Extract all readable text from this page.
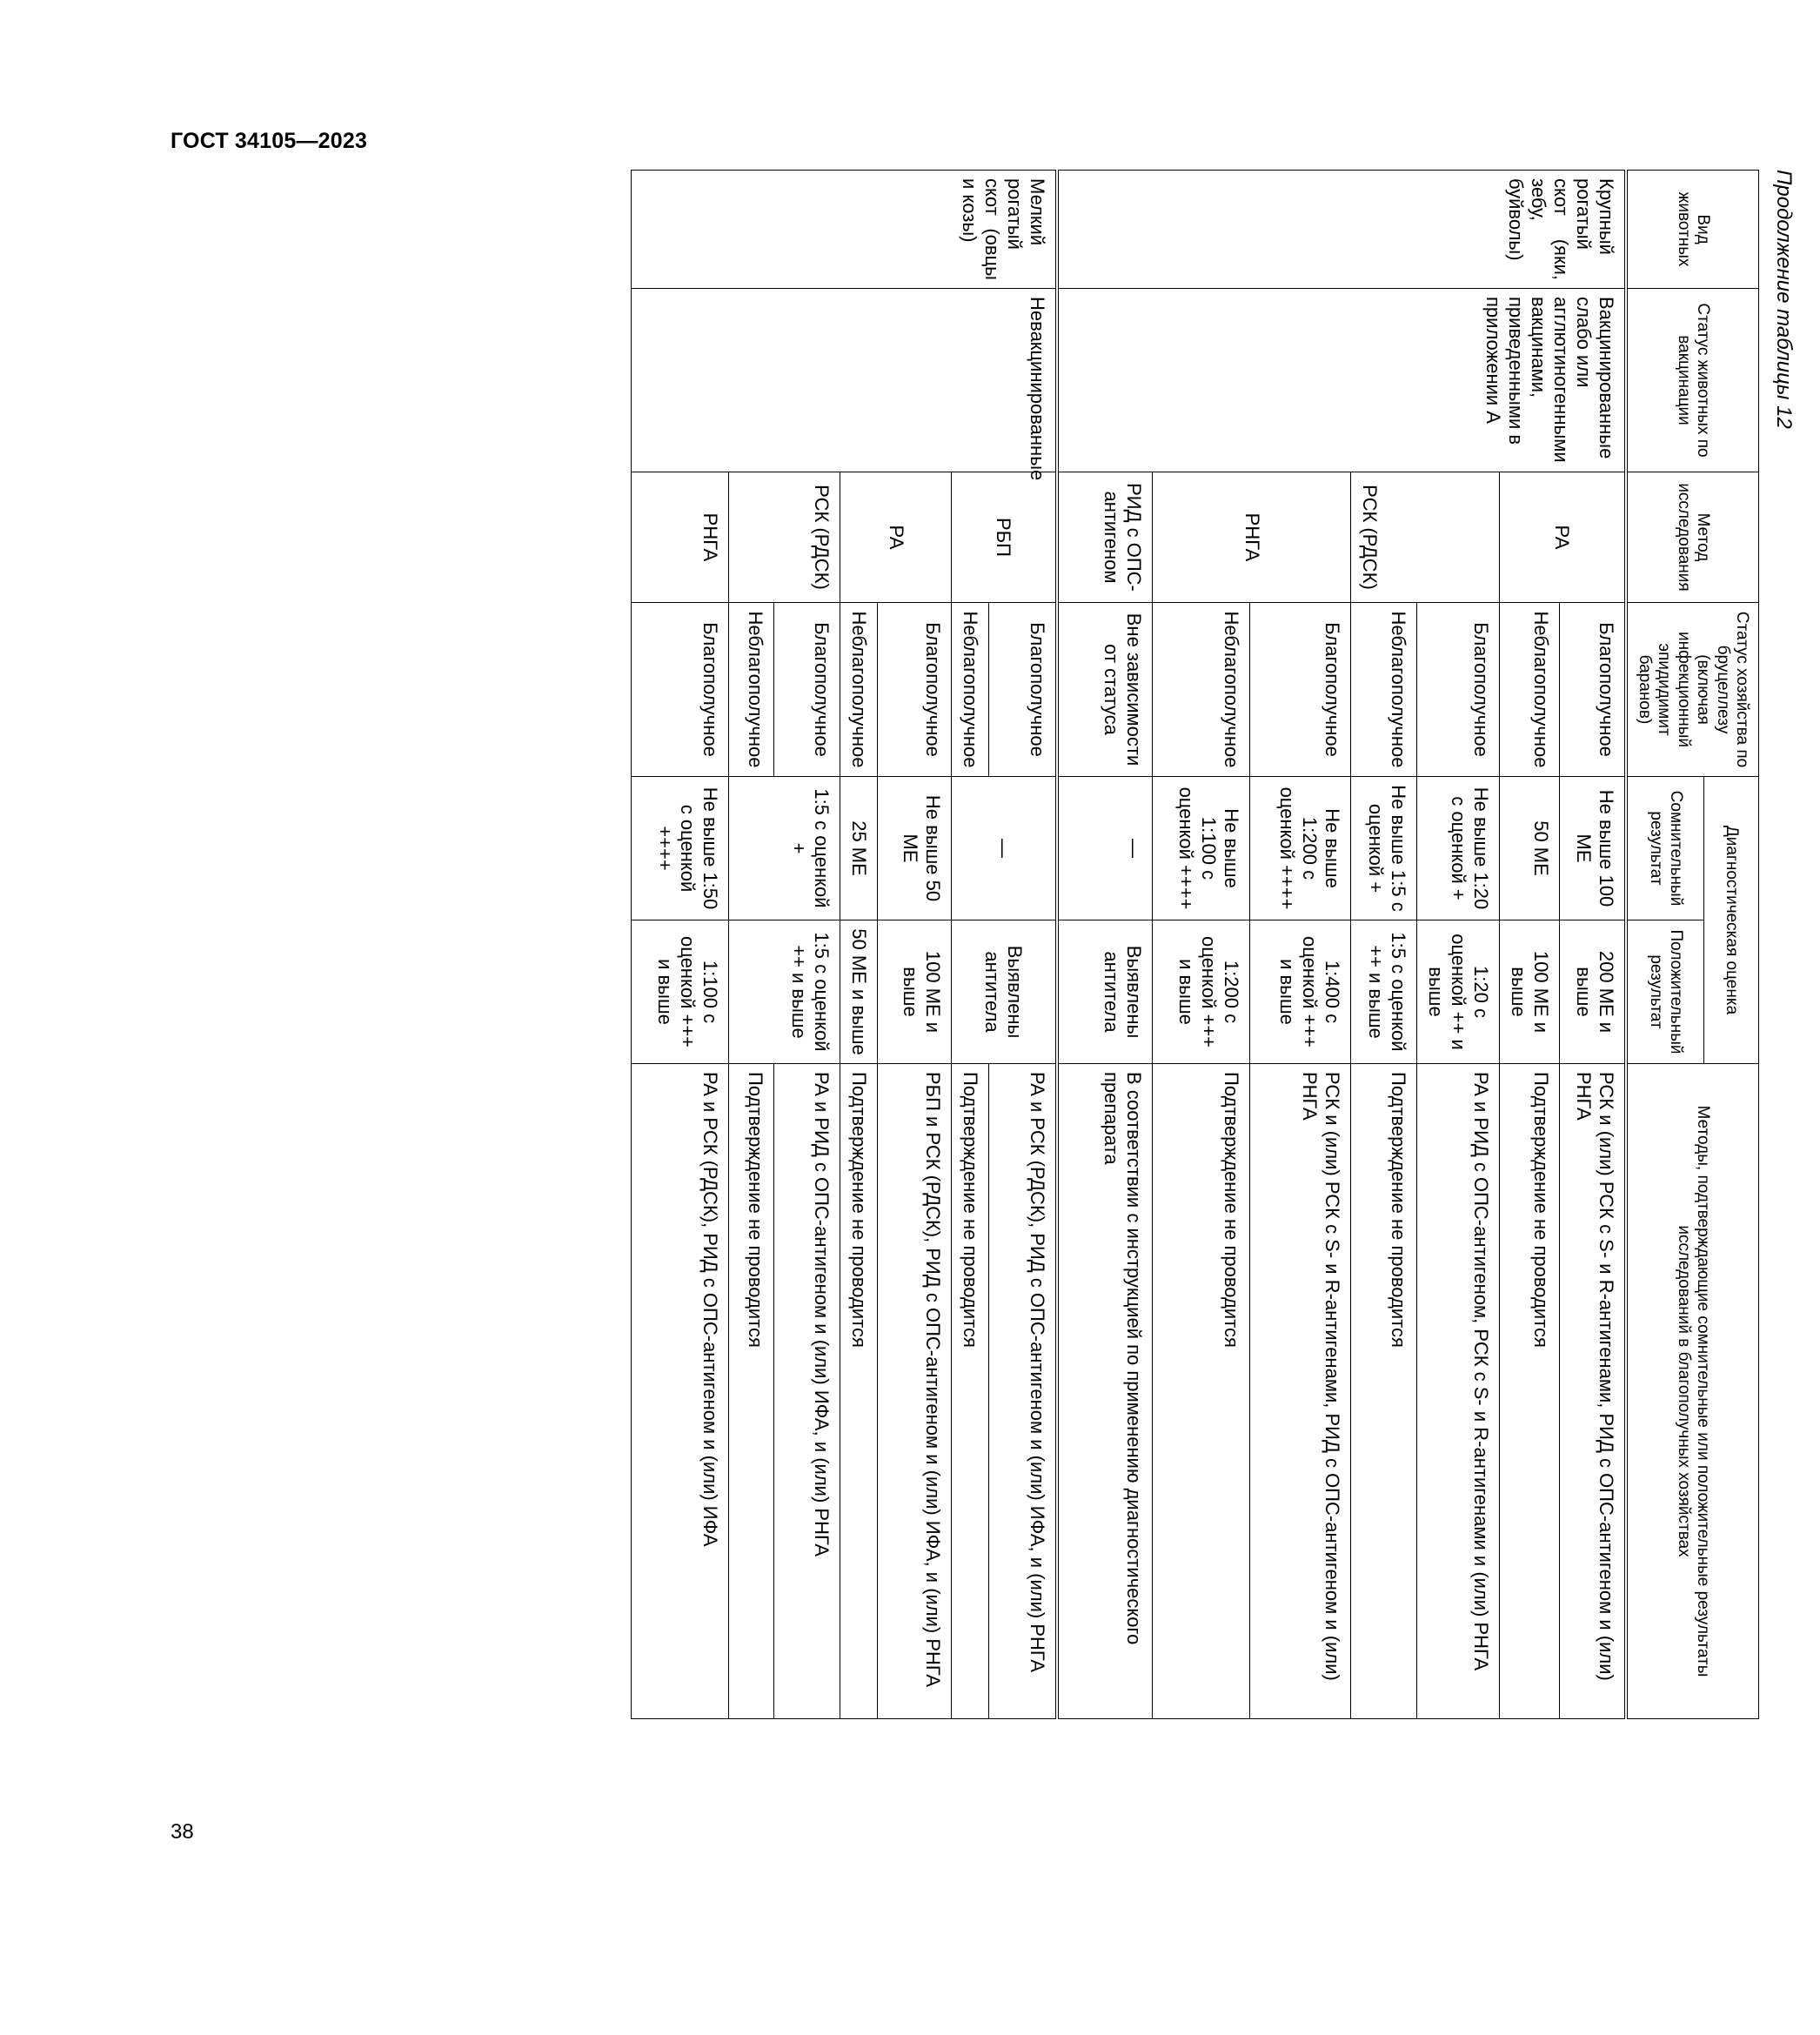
ГОСТ 34105—2023
38
Продолжение таблицы 12
Вид животных	Статус животных по вакцинации	Метод исследования	Статус хозяйства по бруцеллезу (включая инфекционный эпидидимит баранов)	Диагностическая оценка		Методы, подтверждающие сомнительные или положительные результаты исследований в благополучных хозяйствах
				Сомнительный результат	Положительный результат	
Крупный рогатый скот (яки, зебу, буйволы)	Вакцинированные слабо или агглютиногенными вакцинами, приведенными в приложении А	РА	Благополучное	Не выше 100 МЕ	200 МЕ и выше	РСК и (или) РСК с S- и R-антигенами, РИД с ОПС-антигеном и (или) РНГА
			Неблагополучное	50 МЕ	100 МЕ и выше	Подтверждение не проводится
		РСК (РДСК)	Благополучное	Не выше 1:20 с оценкой +	1:20 с оценкой ++ и выше	РА и РИД с ОПС-антигеном, РСК с S- и R-антигенами и (или) РНГА
			Неблагополучное	Не выше 1:5 с оценкой +	1:5 с оценкой ++ и выше	Подтверждение не проводится
		РНГА	Благополучное	Не выше 1:200 с оценкой ++++	1:400 с оценкой +++ и выше	РСК и (или) РСК с S- и R-антигенами, РИД с ОПС-антигеном и (или) РНГА
			Неблагополучное	Не выше 1:100 с оценкой ++++	1:200 с оценкой +++ и выше	Подтверждение не проводится
		РИД с ОПС-антигеном	Вне зависимости от статуса	—	Выявлены антитела	В соответствии с инструкцией по применению диагностического препарата
Мелкий рогатый скот (овцы и козы)	Невакцинированные	РБП	Благополучное	—	Выявлены антитела	РА и РСК (РДСК), РИД с ОПС-антигеном и (или) ИФА, и (или) РНГА
			Неблагополучное			Подтверждение не проводится
		РА	Благополучное	Не выше 50 МЕ	100 МЕ и выше	РБП и РСК (РДСК), РИД с ОПС-антигеном и (или) ИФА, и (или) РНГА
			Неблагополучное	25 МЕ	50 МЕ и выше	Подтверждение не проводится
		РСК (РДСК)	Благополучное	1:5 с оценкой +	1:5 с оценкой ++ и выше	РА и РИД с ОПС-антигеном и (или) ИФА, и (или) РНГА
			Неблагополучное			Подтверждение не проводится
		РНГА	Благополучное	Не выше 1:50 с оценкой ++++	1:100 с оценкой +++ и выше	РА и РСК (РДСК), РИД с ОПС-антигеном и (или) ИФА
